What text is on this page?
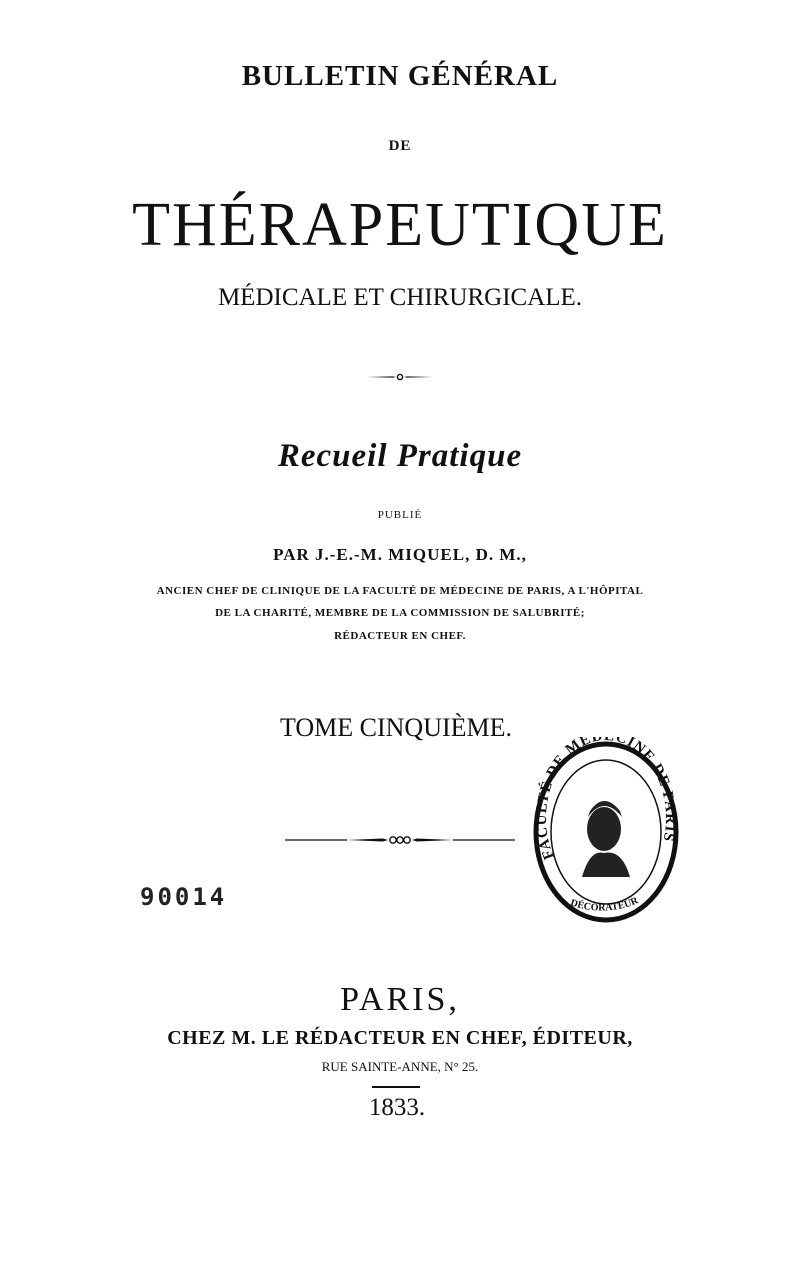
BULLETIN GÉNÉRAL
DE
THÉRAPEUTIQUE
MÉDICALE ET CHIRURGICALE.
Recueil Pratique
PUBLIÉ
PAR J.-E.-M. MIQUEL, D. M.,
ANCIEN CHEF DE CLINIQUE DE LA FACULTÉ DE MÉDECINE DE PARIS, A L'HÔPITAL
DE LA CHARITÉ, MEMBRE DE LA COMMISSION DE SALUBRITÉ;
RÉDACTEUR EN CHEF.
TOME CINQUIÈME.
90014
FACULTÉ DE MÉ CINE DE PARIS
DÉCORATEUR
PARIS,
CHEZ M. LE RÉDACTEUR EN CHEF, ÉDITEUR,
RUE SAINTE-ANNE, N° 25.
1833.
